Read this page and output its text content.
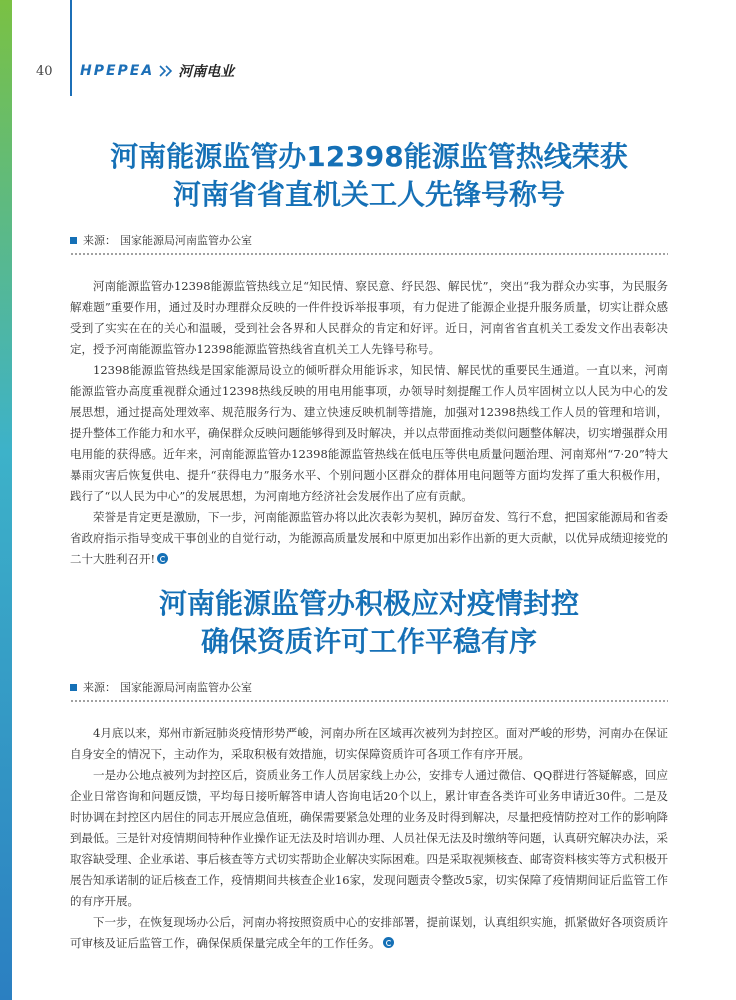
40 HPEPEA 河南电业
河南能源监管办12398能源监管热线荣获
河南省省直机关工人先锋号称号
来源： 国家能源局河南监管办公室

河南能源监管办12398能源监管热线立足“知民情、察民意、纾民怨、解民忧”，突出“我为群众办实事，为民服务解难题”重要作用，通过及时办理群众反映的一件件投诉举报事项，有力促进了能源企业提升服务质量，切实让群众感受到了实实在在的关心和温暖，受到社会各界和人民群众的肯定和好评。近日，河南省省直机关工委发文作出表彰决定，授予河南能源监管办12398能源监管热线省直机关工人先锋号称号。

12398能源监管热线是国家能源局设立的倾听群众用能诉求，知民情、解民忧的重要民生通道。一直以来，河南能源监管办高度重视群众通过12398热线反映的用电用能事项，办领导时刻提醒工作人员牢固树立以人民为中心的发展思想，通过提高处理效率、规范服务行为、建立快速反映机制等措施，加强对12398热线工作人员的管理和培训，提升整体工作能力和水平，确保群众反映问题能够得到及时解决，并以点带面推动类似问题整体解决，切实增强群众用电用能的获得感。近年来，河南能源监管办12398能源监管热线在低电压等供电质量问题治理、河南郑州“7·20”特大暴雨灾害后恢复供电、提升“获得电力”服务水平、个别问题小区群众的群体用电问题等方面均发挥了重大积极作用，践行了“以人民为中心”的发展思想，为河南地方经济社会发展作出了应有贡献。

荣誉是肯定更是激励，下一步，河南能源监管办将以此次表彰为契机，踔厉奋发、笃行不怠，把国家能源局和省委省政府指示指导变成干事创业的自觉行动，为能源高质量发展和中原更加出彩作出新的更大贡献，以优异成绩迎接党的二十大胜利召开!

河南能源监管办积极应对疫情封控
确保资质许可工作平稳有序
来源： 国家能源局河南监管办公室

4月底以来，郑州市新冠肺炎疫情形势严峻，河南办所在区域再次被列为封控区。面对严峻的形势，河南办在保证自身安全的情况下，主动作为，采取积极有效措施，切实保障资质许可各项工作有序开展。

一是办公地点被列为封控区后，资质业务工作人员居家线上办公，安排专人通过微信、QQ群进行答疑解惑，回应企业日常咨询和问题反馈，平均每日接听解答申请人咨询电话20个以上，累计审查各类许可业务申请近30件。二是及时协调在封控区内居住的同志开展应急值班，确保需要紧急处理的业务及时得到解决，尽量把疫情防控对工作的影响降到最低。三是针对疫情期间特种作业操作证无法及时培训办理、人员社保无法及时缴纳等问题，认真研究解决办法，采取容缺受理、企业承诺、事后核查等方式切实帮助企业解决实际困难。四是采取视频核查、邮寄资料核实等方式积极开展告知承诺制的证后核查工作，疫情期间共核查企业16家，发现问题责令整改5家，切实保障了疫情期间证后监管工作的有序开展。

下一步，在恢复现场办公后，河南办将按照资质中心的安排部署，提前谋划，认真组织实施，抓紧做好各项资质许可审核及证后监管工作，确保保质保量完成全年的工作任务。
